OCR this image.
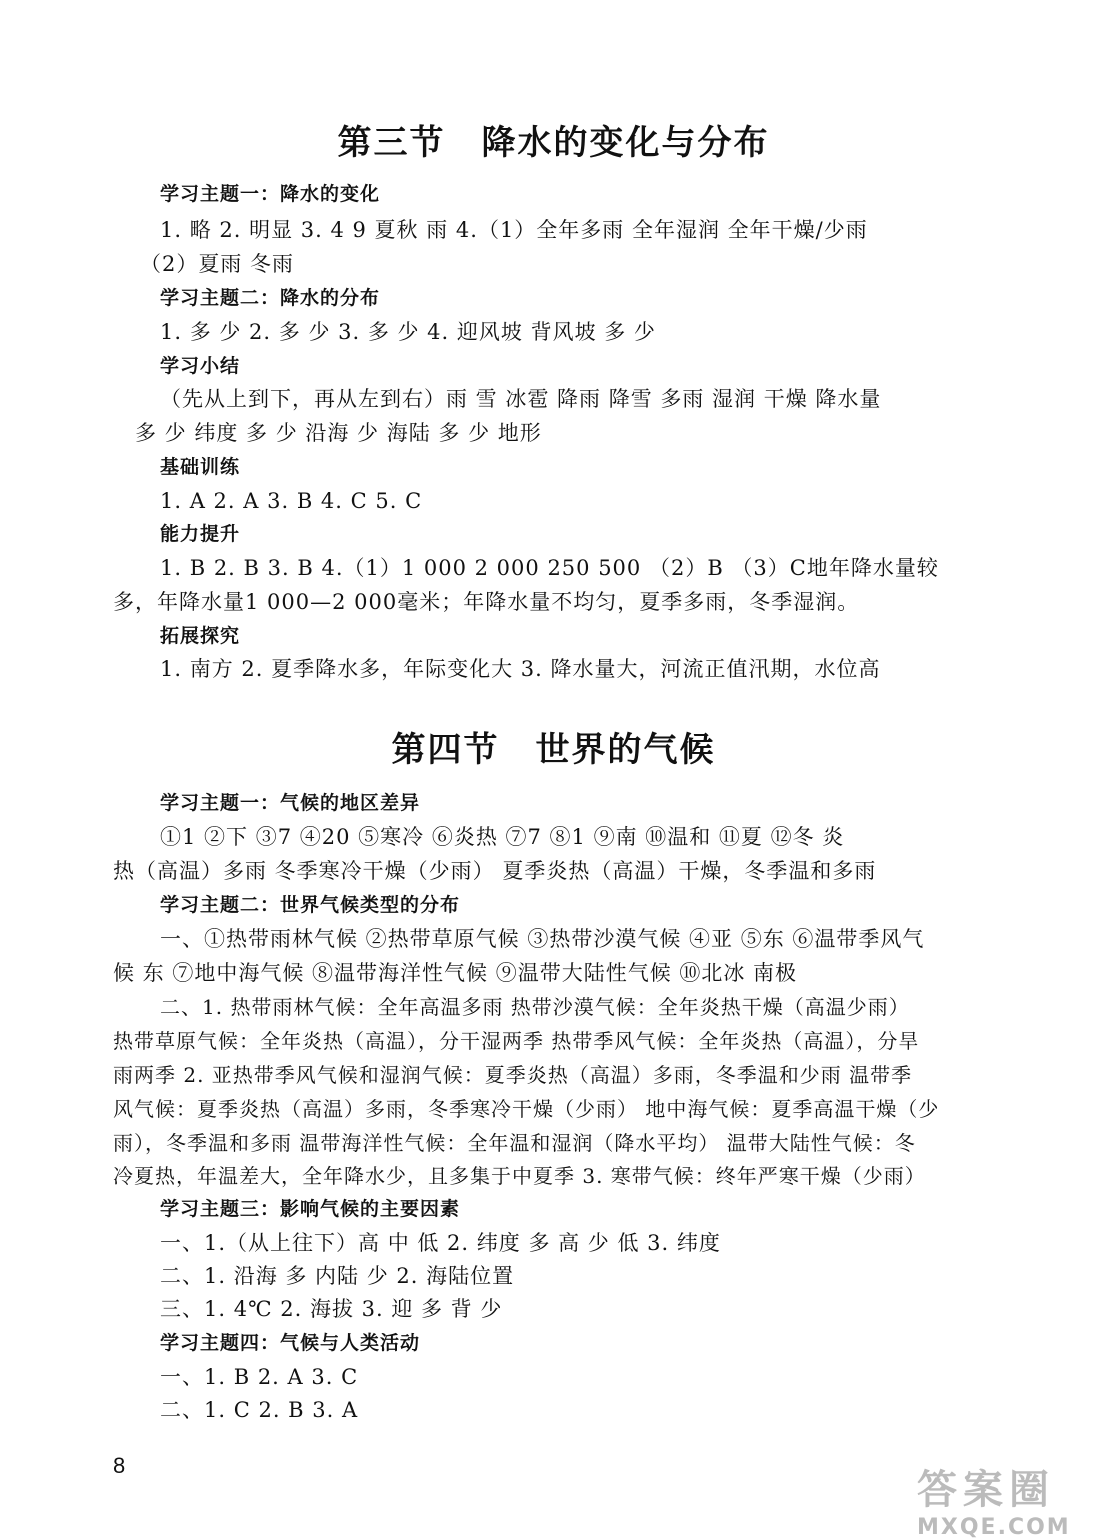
第三节　降水的变化与分布
学习主题一：降水的变化
1. 略 2. 明显 3. 4 9 夏秋 雨 4.（1）全年多雨 全年湿润 全年干燥/少雨
（2）夏雨 冬雨
学习主题二：降水的分布
1. 多 少 2. 多 少 3. 多 少 4. 迎风坡 背风坡 多 少
学习小结
（先从上到下，再从左到右）雨 雪 冰雹 降雨 降雪 多雨 湿润 干燥 降水量
多 少 纬度 多 少 沿海 少 海陆 多 少 地形
基础训练
1. A 2. A 3. B 4. C 5. C
能力提升
1. B 2. B 3. B 4.（1）1 000 2 000 250 500 （2）B （3）C地年降水量较
多，年降水量1 000—2 000毫米；年降水量不均匀，夏季多雨，冬季湿润。
拓展探究
1. 南方 2. 夏季降水多，年际变化大 3. 降水量大，河流正值汛期，水位高
第四节　世界的气候
学习主题一：气候的地区差异
①1 ②下 ③7 ④20 ⑤寒冷 ⑥炎热 ⑦7 ⑧1 ⑨南 ⑩温和 ⑪夏 ⑫冬 炎
热（高温）多雨 冬季寒冷干燥（少雨） 夏季炎热（高温）干燥，冬季温和多雨
学习主题二：世界气候类型的分布
一、①热带雨林气候 ②热带草原气候 ③热带沙漠气候 ④亚 ⑤东 ⑥温带季风气
候 东 ⑦地中海气候 ⑧温带海洋性气候 ⑨温带大陆性气候 ⑩北冰 南极
二、1. 热带雨林气候：全年高温多雨 热带沙漠气候：全年炎热干燥（高温少雨）
热带草原气候：全年炎热（高温），分干湿两季 热带季风气候：全年炎热（高温），分旱
雨两季 2. 亚热带季风气候和湿润气候：夏季炎热（高温）多雨，冬季温和少雨 温带季
风气候：夏季炎热（高温）多雨，冬季寒冷干燥（少雨） 地中海气候：夏季高温干燥（少
雨），冬季温和多雨 温带海洋性气候：全年温和湿润（降水平均） 温带大陆性气候：冬
冷夏热，年温差大，全年降水少，且多集于中夏季 3. 寒带气候：终年严寒干燥（少雨）
学习主题三：影响气候的主要因素
一、1.（从上往下）高 中 低 2. 纬度 多 高 少 低 3. 纬度
二、1. 沿海 多 内陆 少 2. 海陆位置
三、1. 4℃ 2. 海拔 3. 迎 多 背 少
学习主题四：气候与人类活动
一、1. B 2. A 3. C
二、1. C 2. B 3. A
8
答案圈
MXQE.COM
